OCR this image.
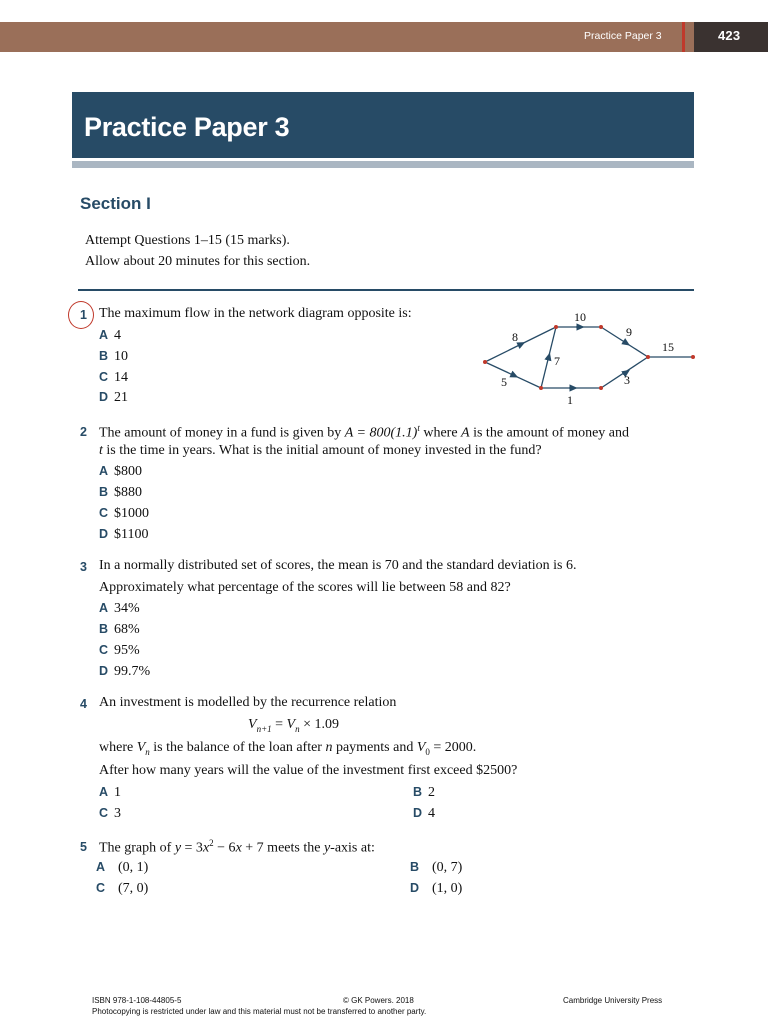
Practice Paper 3	423
Practice Paper 3
Section I
Attempt Questions 1–15 (15 marks).
Allow about 20 minutes for this section.
1 The maximum flow in the network diagram opposite is:
A 4
B 10
C 14
D 21
8
5
7
10
1
9
3
15
2 The amount of money in a fund is given by $A = 800(1.1)^t$ where A is the amount of money and
t is the time in years. What is the initial amount of money invested in the fund?
A $800
B $880
C $1000
D $1100
3 In a normally distributed set of scores, the mean is 70 and the standard deviation is 6.
Approximately what percentage of the scores will lie between 58 and 82?
A 34%
B 68%
C 95%
D 99.7%
4 An investment is modelled by the recurrence relation
$V_{n+1} = V_n \times 1.09$
where $V_n$ is the balance of the loan after n payments and $V_0 = 2000$.
After how many years will the value of the investment first exceed $2500?
A 1	B 2
C 3	D 4
5 The graph of $y = 3x^2 - 6x + 7$ meets the y-axis at:
A (0, 1)	B (0, 7)
C (7, 0)	D (1, 0)
ISBN 978-1-108-44805-5	© GK Powers. 2018	Cambridge University Press
Photocopying is restricted under law and this material must not be transferred to another party.
